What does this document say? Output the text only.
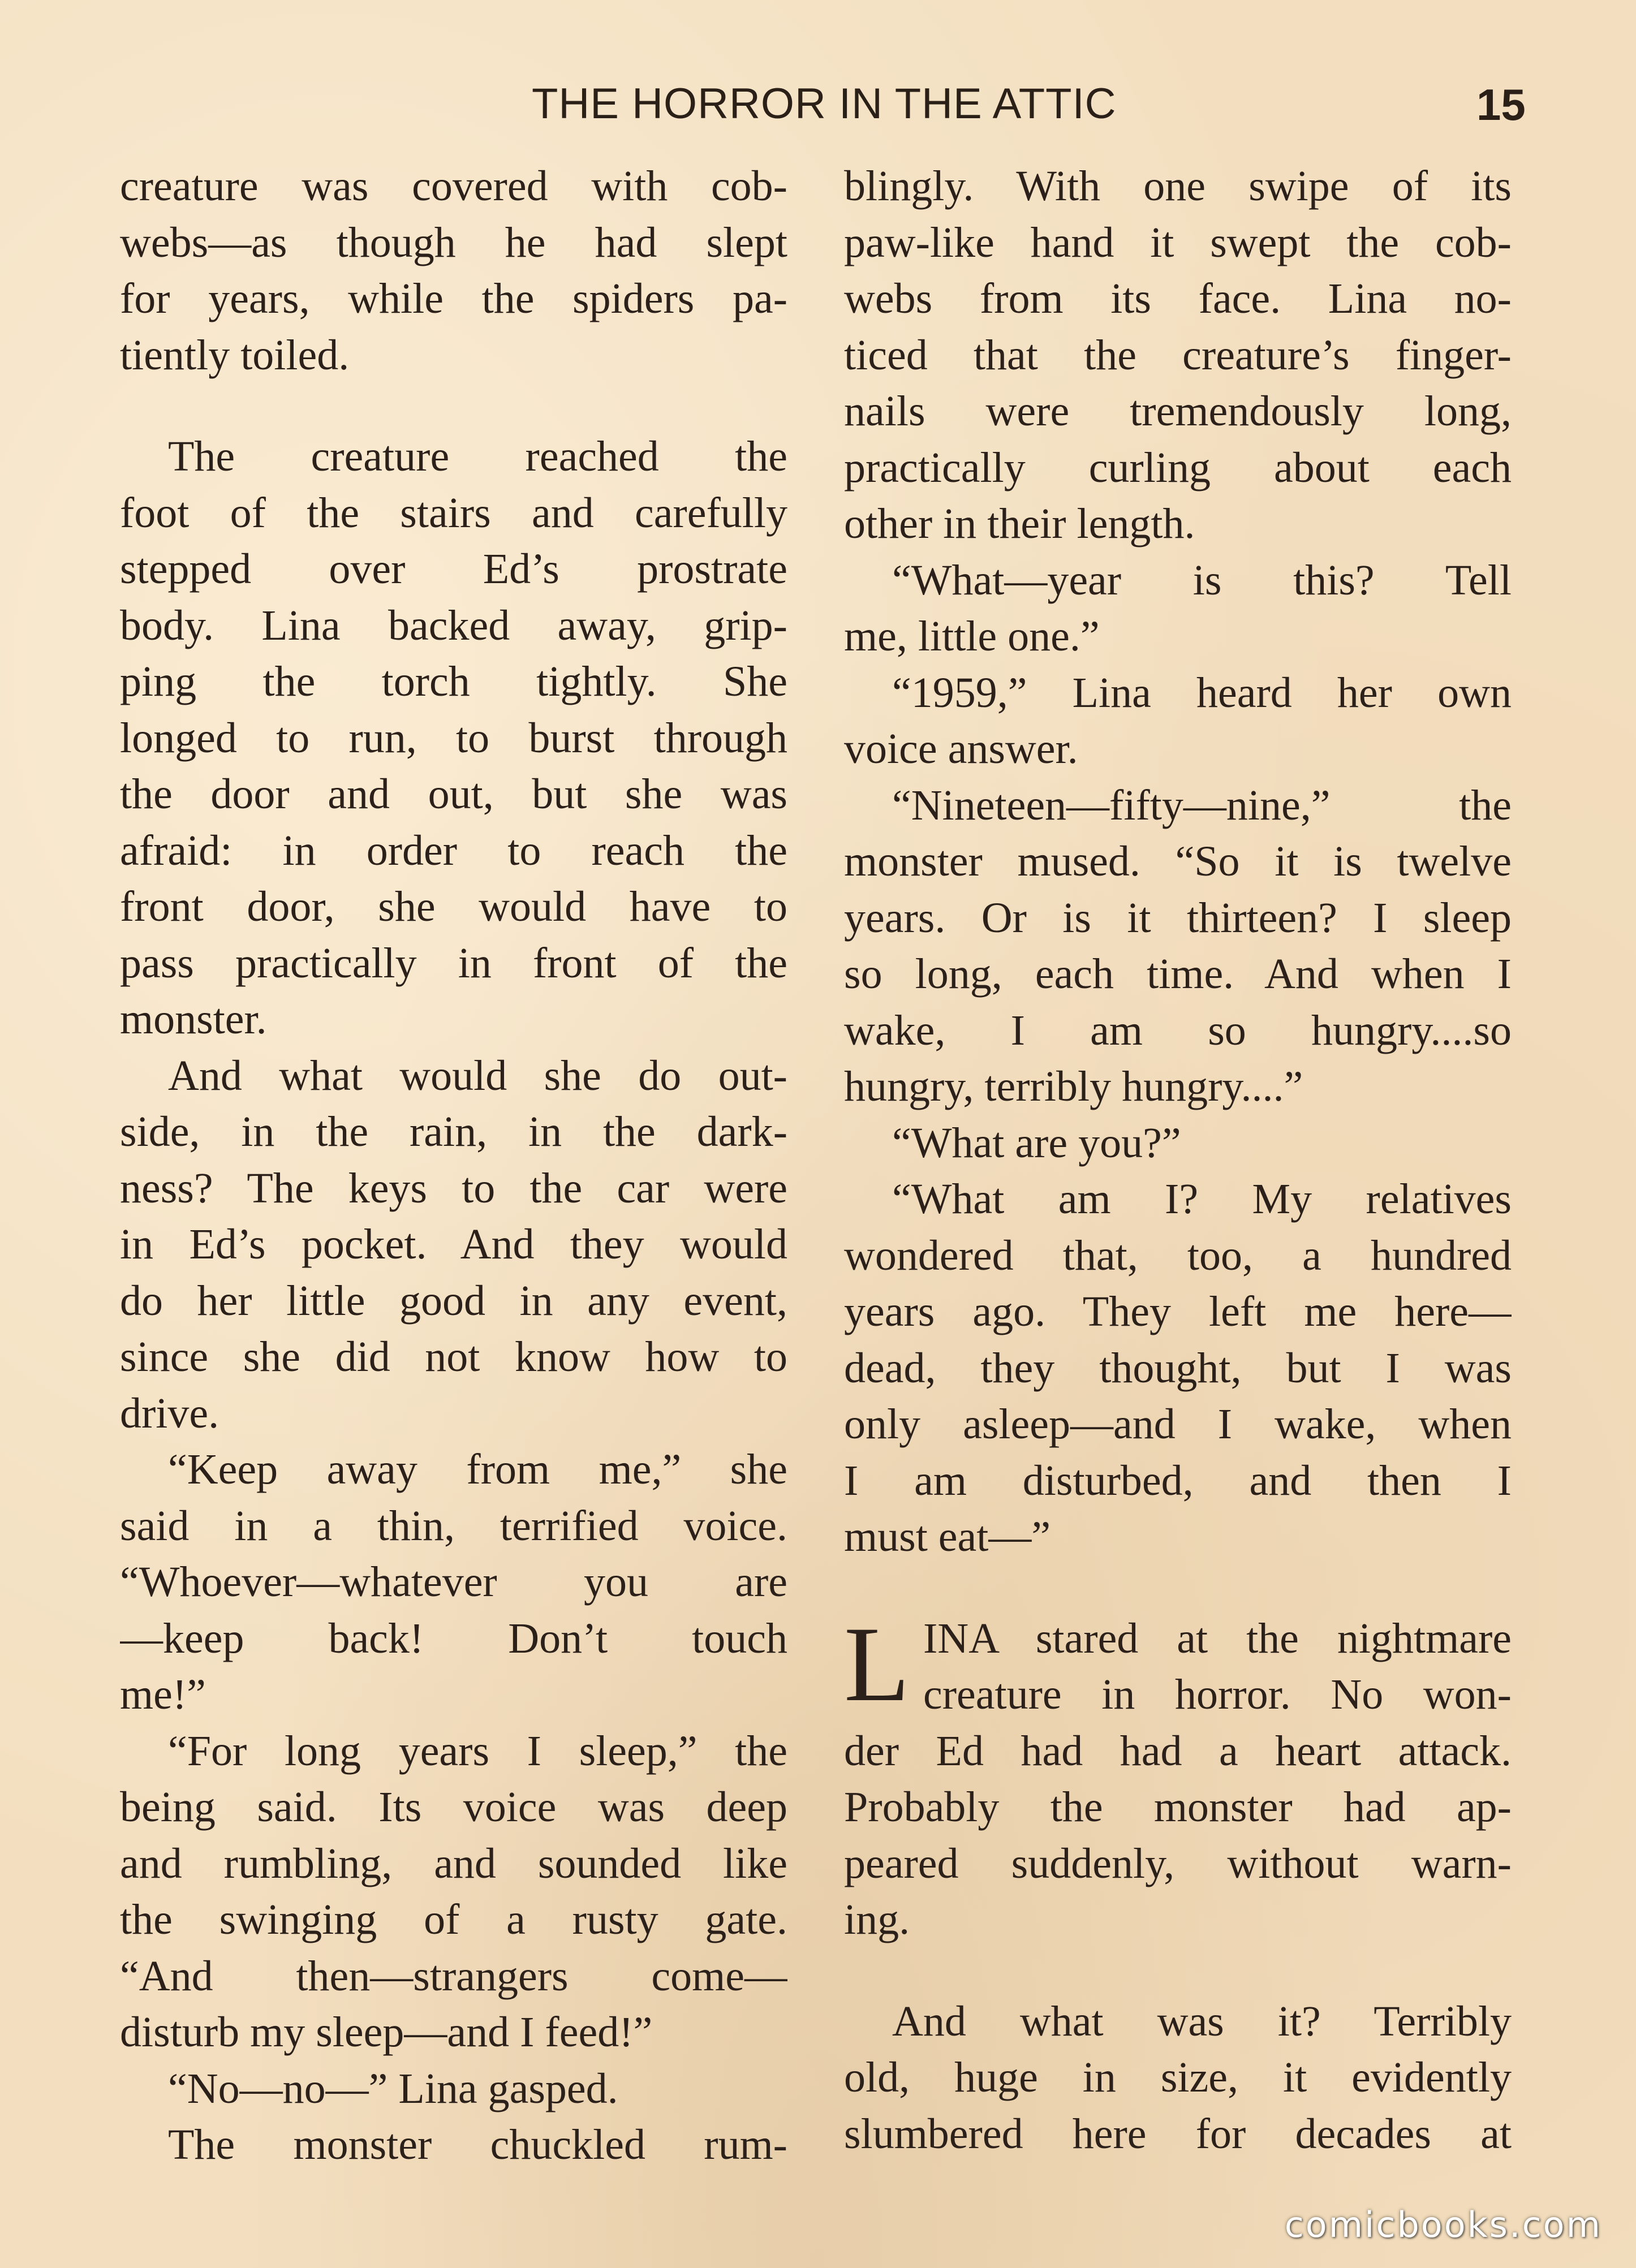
THE HORROR IN THE ATTIC	15
creature was covered with cob-
webs—as though he had slept
for years, while the spiders pa-
tiently toiled.
The creature reached the
foot of the stairs and carefully
stepped over Ed’s prostrate
body. Lina backed away, grip-
ping the torch tightly. She
longed to run, to burst through
the door and out, but she was
afraid: in order to reach the
front door, she would have to
pass practically in front of the
monster.
And what would she do out-
side, in the rain, in the dark-
ness? The keys to the car were
in Ed’s pocket. And they would
do her little good in any event,
since she did not know how to
drive.
“Keep away from me,” she
said in a thin, terrified voice.
“Whoever—whatever you are
—keep back! Don’t touch
me!”
“For long years I sleep,” the
being said. Its voice was deep
and rumbling, and sounded like
the swinging of a rusty gate.
“And then—strangers come—
disturb my sleep—and I feed!”
“No—no—” Lina gasped.
The monster chuckled rum-
blingly. With one swipe of its
paw-like hand it swept the cob-
webs from its face. Lina no-
ticed that the creature’s finger-
nails were tremendously long,
practically curling about each
other in their length.
“What—year is this? Tell
me, little one.”
“1959,” Lina heard her own
voice answer.
“Nineteen—fifty—nine,” the
monster mused. “So it is twelve
years. Or is it thirteen? I sleep
so long, each time. And when I
wake, I am so hungry....so
hungry, terribly hungry....”
“What are you?”
“What am I? My relatives
wondered that, too, a hundred
years ago. They left me here—
dead, they thought, but I was
only asleep—and I wake, when
I am disturbed, and then I
must eat—”
L INA stared at the nightmare
creature in horror. No won-
der Ed had had a heart attack.
Probably the monster had ap-
peared suddenly, without warn-
ing.
And what was it? Terribly
old, huge in size, it evidently
slumbered here for decades at
comicbooks.com
